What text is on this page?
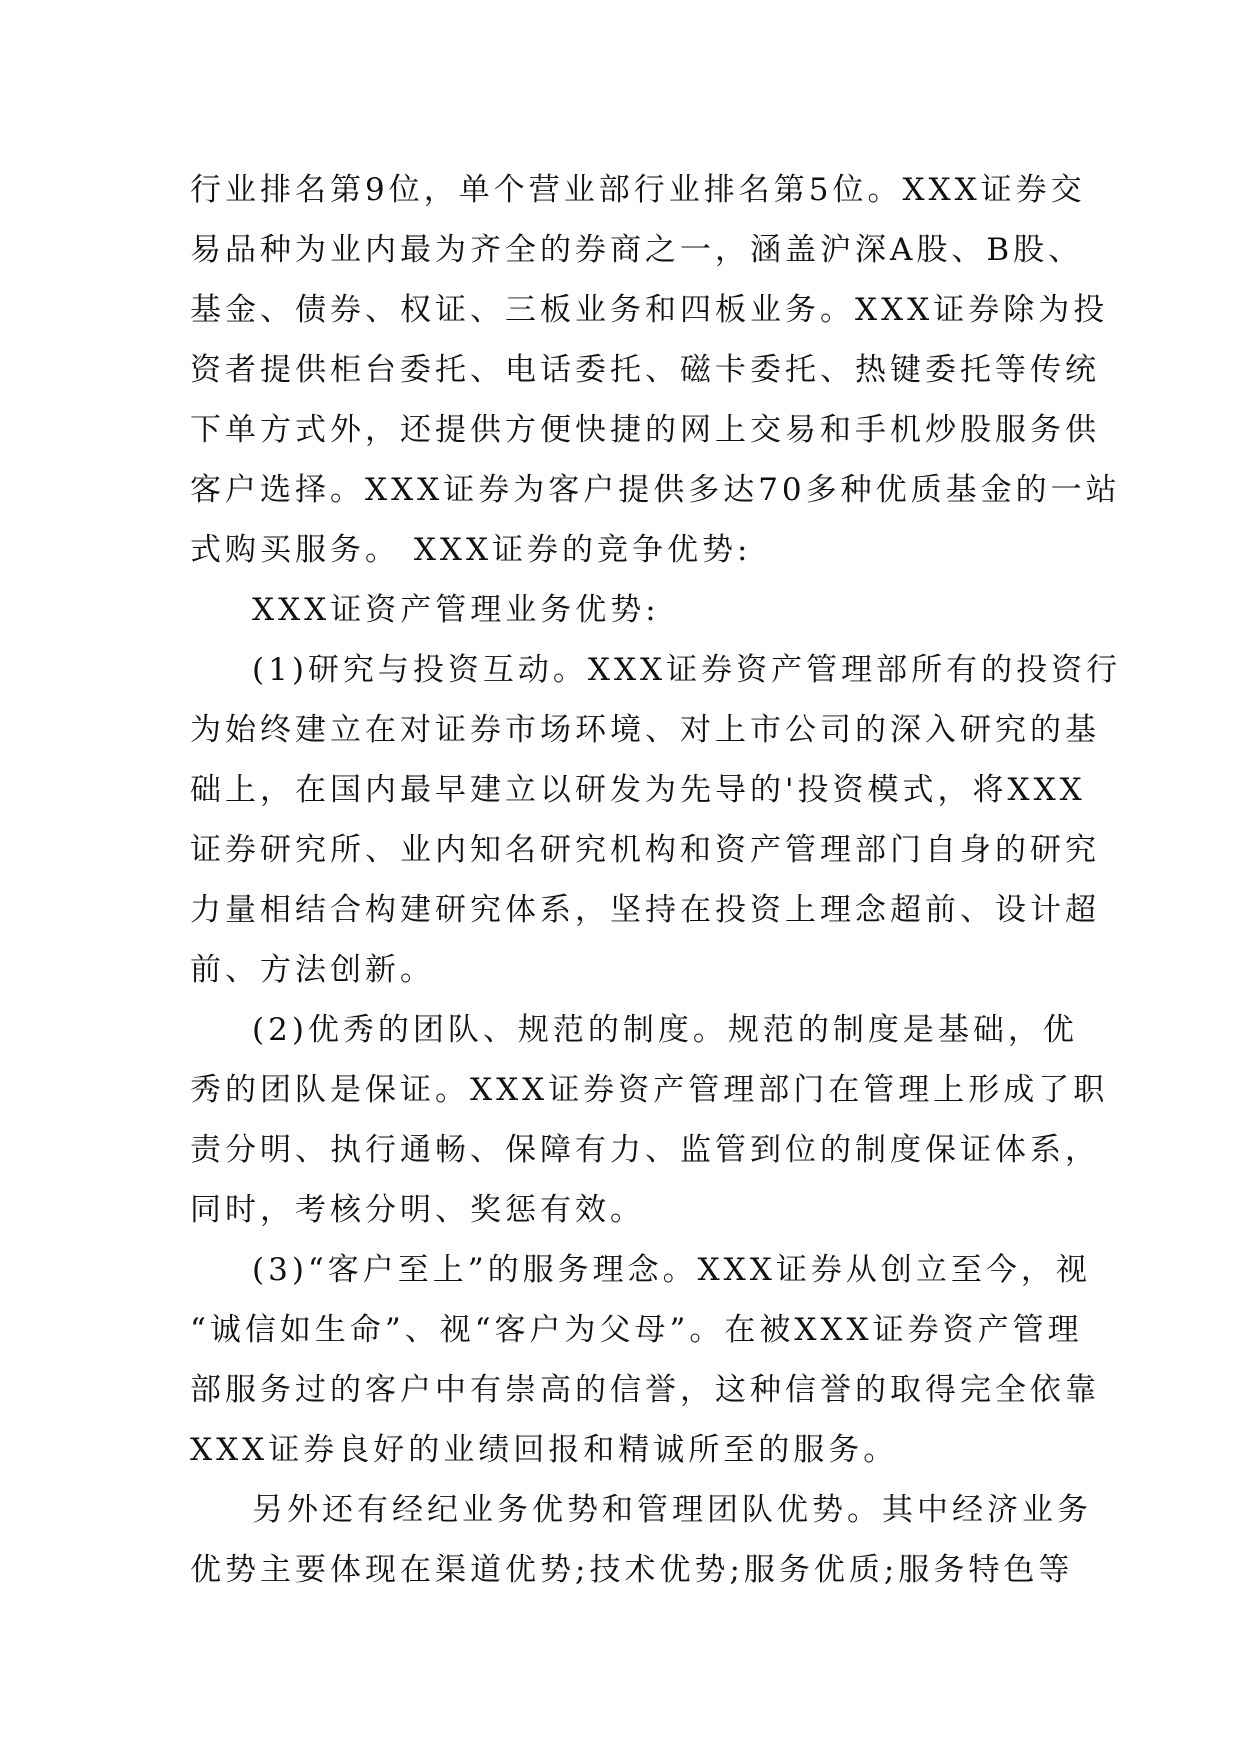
行业排名第9位，单个营业部行业排名第5位。XXX证券交
易品种为业内最为齐全的券商之一，涵盖沪深A股、B股、
基金、债券、权证、三板业务和四板业务。XXX证券除为投
资者提供柜台委托、电话委托、磁卡委托、热键委托等传统
下单方式外，还提供方便快捷的网上交易和手机炒股服务供
客户选择。XXX证券为客户提供多达70多种优质基金的一站
式购买服务。 XXX证券的竞争优势:
XXX证资产管理业务优势:
(1)研究与投资互动。XXX证券资产管理部所有的投资行
为始终建立在对证券市场环境、对上市公司的深入研究的基
础上，在国内最早建立以研发为先导的'投资模式，将XXX
证券研究所、业内知名研究机构和资产管理部门自身的研究
力量相结合构建研究体系，坚持在投资上理念超前、设计超
前、方法创新。
(2)优秀的团队、规范的制度。规范的制度是基础，优
秀的团队是保证。XXX证券资产管理部门在管理上形成了职
责分明、执行通畅、保障有力、监管到位的制度保证体系，
同时，考核分明、奖惩有效。
(3)“客户至上”的服务理念。XXX证券从创立至今，视
“诚信如生命”、视“客户为父母”。在被XXX证券资产管理
部服务过的客户中有崇高的信誉，这种信誉的取得完全依靠
XXX证券良好的业绩回报和精诚所至的服务。
另外还有经纪业务优势和管理团队优势。其中经济业务
优势主要体现在渠道优势;技术优势;服务优质;服务特色等
